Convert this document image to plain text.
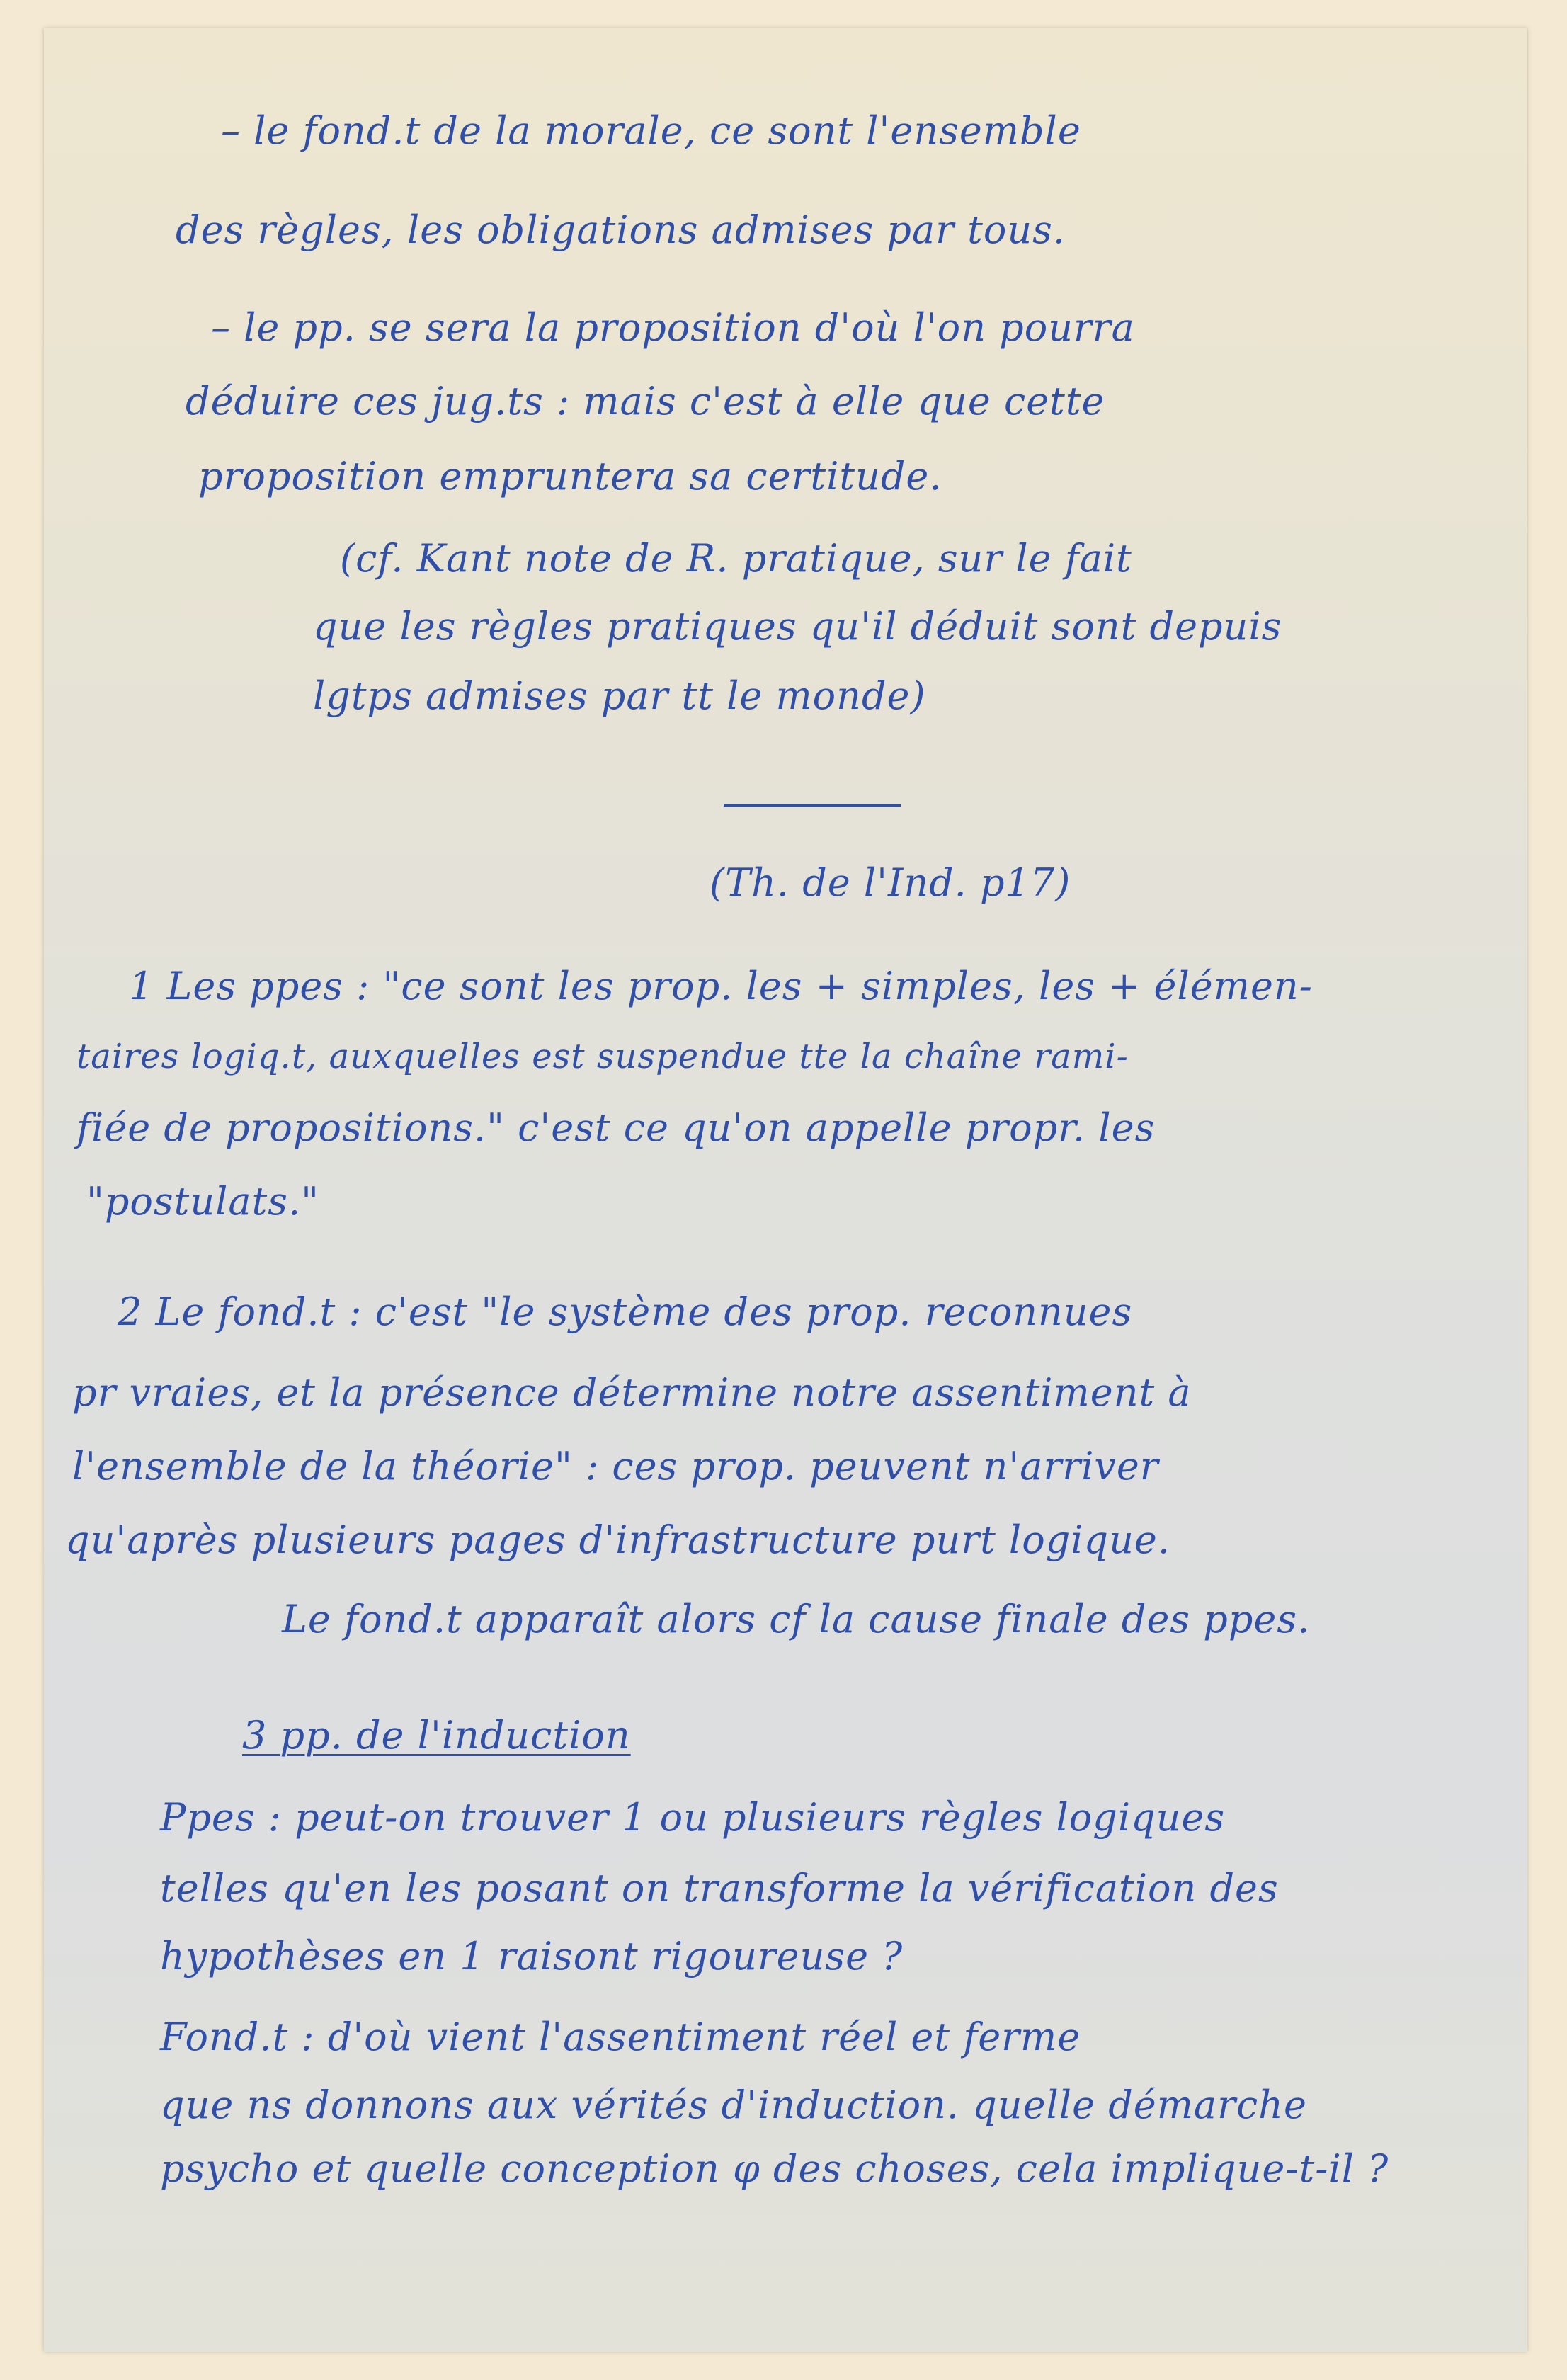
– le fond.t de la morale, ce sont l'ensemble

des règles, les obligations admises par tous.

– le pp. se sera la proposition d'où l'on pourra

déduire ces jug.ts : mais c'est à elle que cette

proposition empruntera sa certitude.

(cf. Kant note de R. pratique, sur le fait

que les règles pratiques qu'il déduit sont depuis

lgtps admises par tt le monde)

(Th. de l'Ind. p17)

1 Les ppes : "ce sont les prop. les + simples, les + élémen-

taires logiq.t, auxquelles est suspendue tte la chaîne rami-

fiée de propositions." c'est ce qu'on appelle propr. les

"postulats."

2 Le fond.t : c'est "le système des prop. reconnues

pr vraies, et la présence détermine notre assentiment à

l'ensemble de la théorie" : ces prop. peuvent n'arriver

qu'après plusieurs pages d'infrastructure purt logique.

Le fond.t apparaît alors cf la cause finale des ppes.

3 pp. de l'induction

Ppes : peut-on trouver 1 ou plusieurs règles logiques

telles qu'en les posant on transforme la vérification des

hypothèses en 1 raisont rigoureuse ?

Fond.t : d'où vient l'assentiment réel et ferme

que ns donnons aux vérités d'induction. quelle démarche

psycho et quelle conception φ des choses, cela implique-t-il ?
